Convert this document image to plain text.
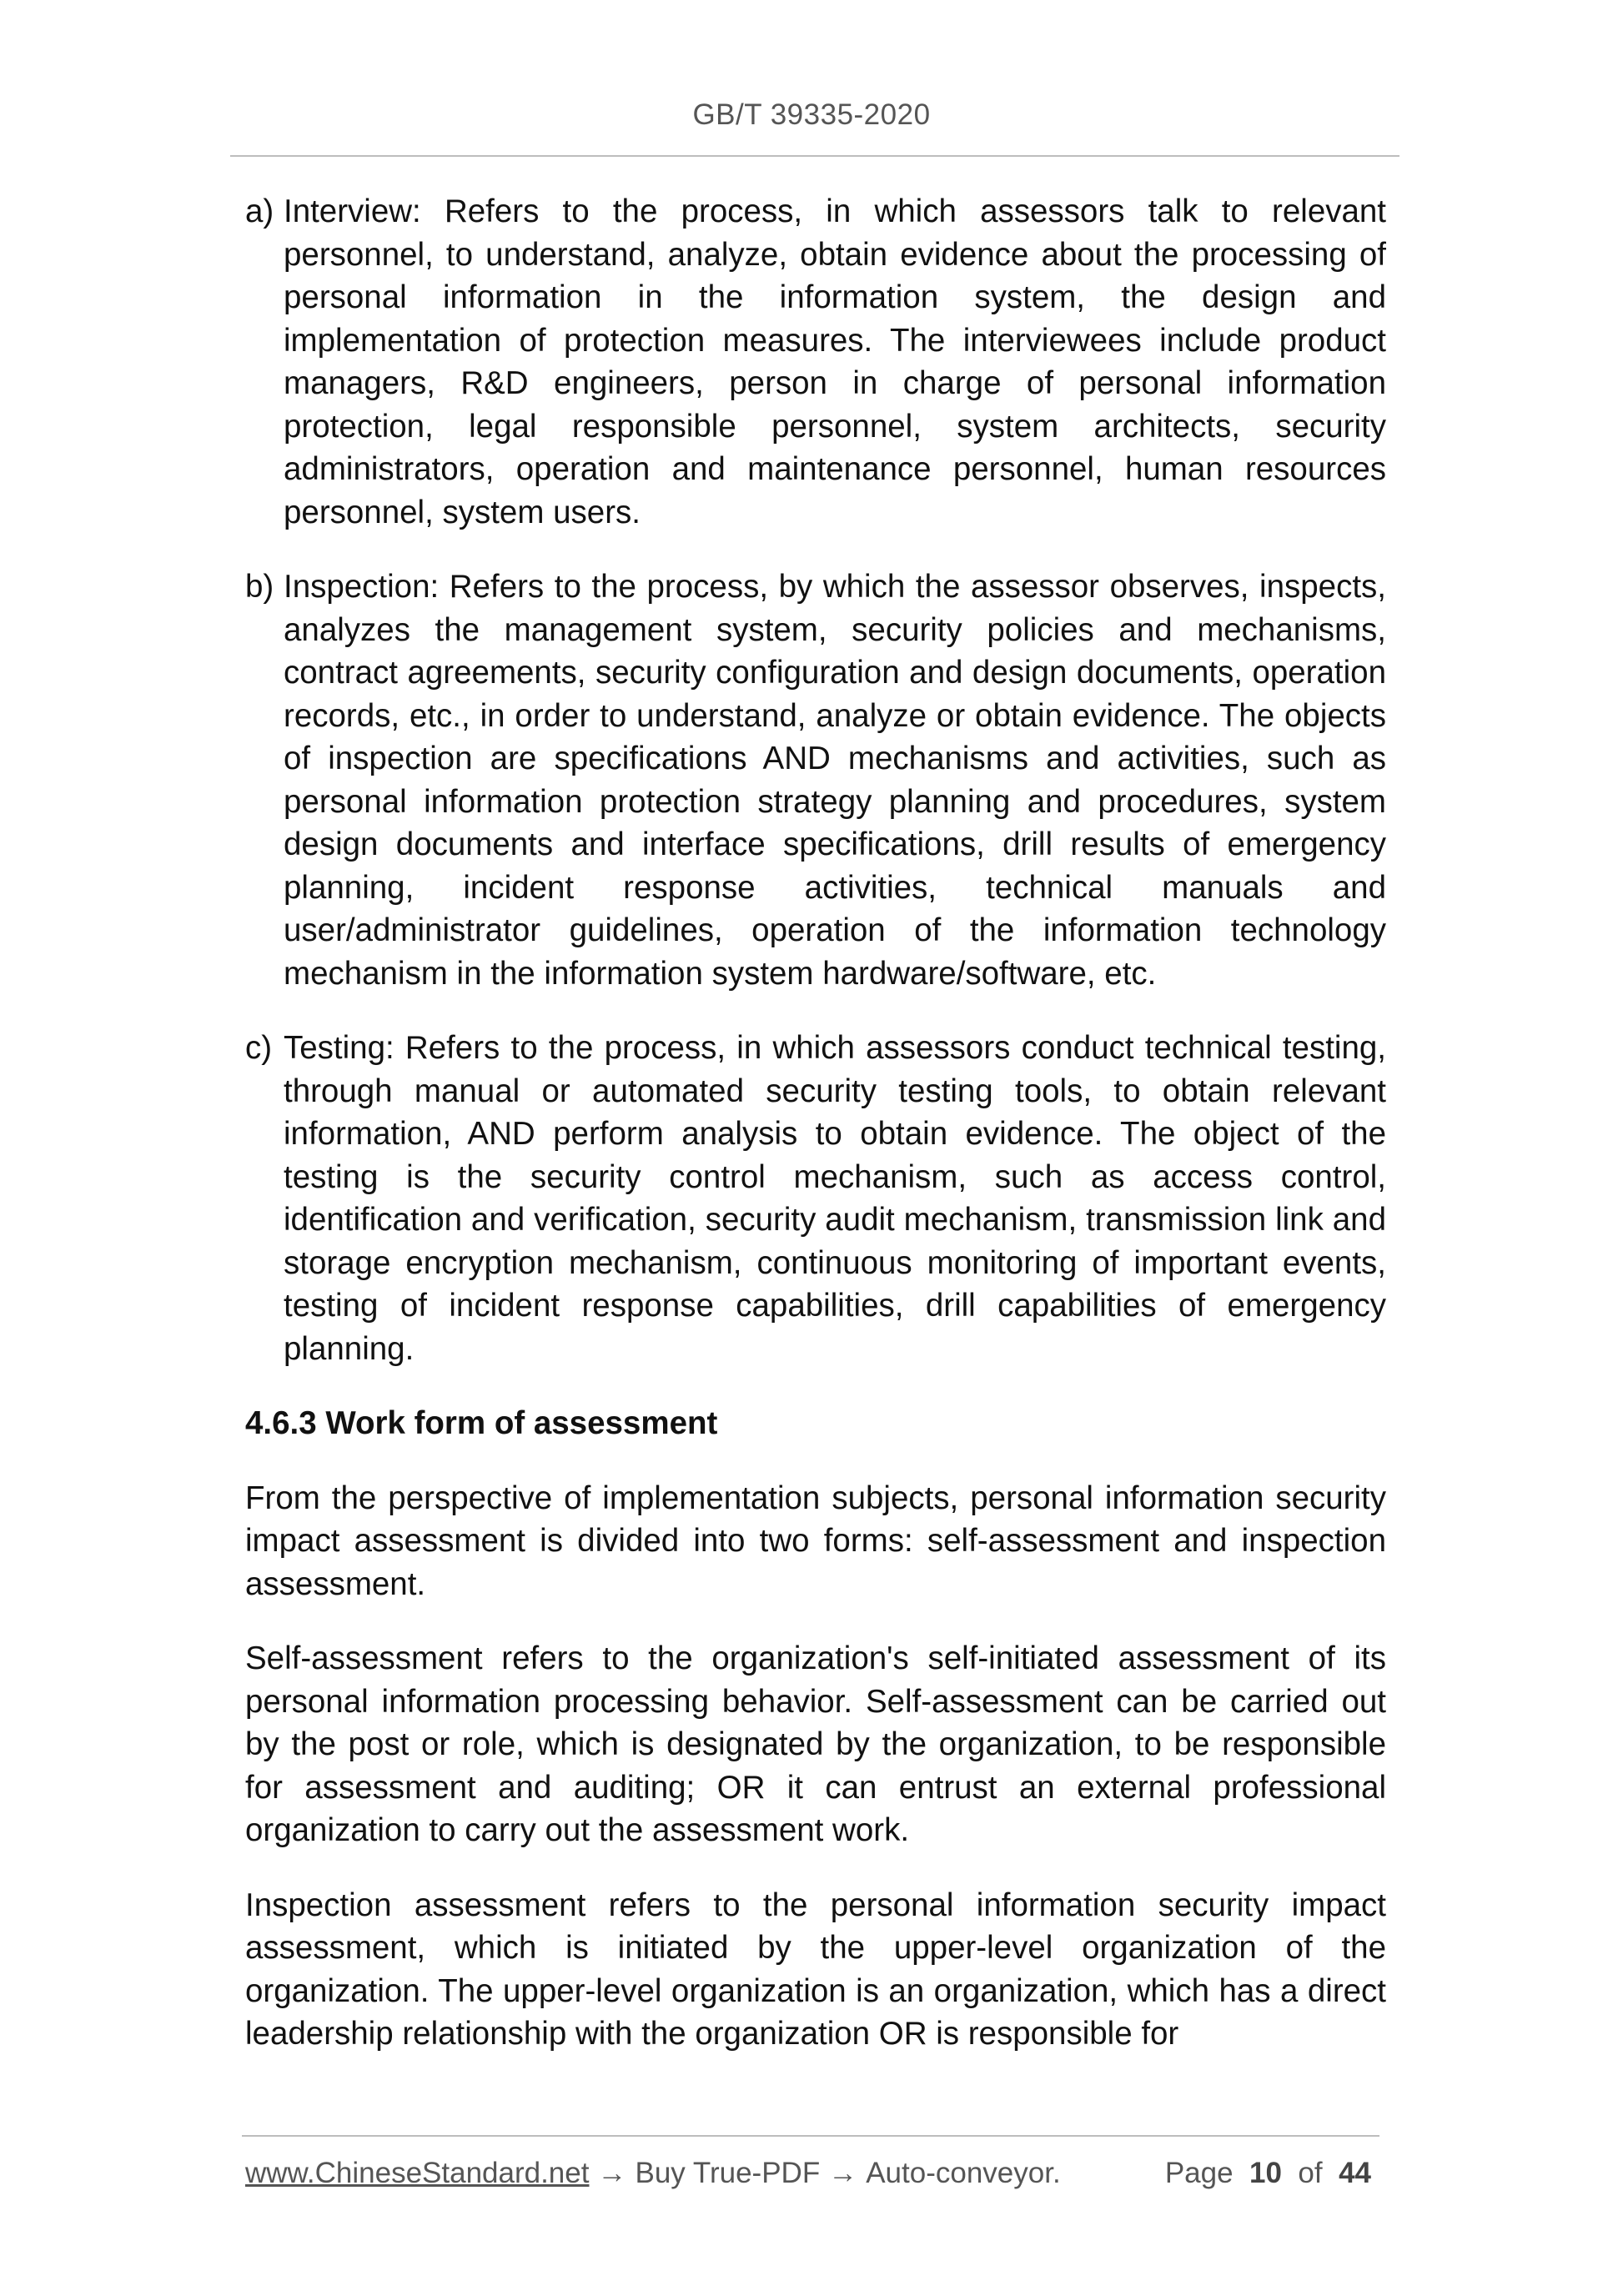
GB/T 39335-2020

a) Interview: Refers to the process, in which assessors talk to relevant personnel, to understand, analyze, obtain evidence about the processing of personal information in the information system, the design and implementation of protection measures. The interviewees include product managers, R&D engineers, person in charge of personal information protection, legal responsible personnel, system architects, security administrators, operation and maintenance personnel, human resources personnel, system users.

b) Inspection: Refers to the process, by which the assessor observes, inspects, analyzes the management system, security policies and mechanisms, contract agreements, security configuration and design documents, operation records, etc., in order to understand, analyze or obtain evidence. The objects of inspection are specifications AND mechanisms and activities, such as personal information protection strategy planning and procedures, system design documents and interface specifications, drill results of emergency planning, incident response activities, technical manuals and user/administrator guidelines, operation of the information technology mechanism in the information system hardware/software, etc.

c) Testing: Refers to the process, in which assessors conduct technical testing, through manual or automated security testing tools, to obtain relevant information, AND perform analysis to obtain evidence. The object of the testing is the security control mechanism, such as access control, identification and verification, security audit mechanism, transmission link and storage encryption mechanism, continuous monitoring of important events, testing of incident response capabilities, drill capabilities of emergency planning.

4.6.3 Work form of assessment

From the perspective of implementation subjects, personal information security impact assessment is divided into two forms: self-assessment and inspection assessment.

Self-assessment refers to the organization's self-initiated assessment of its personal information processing behavior. Self-assessment can be carried out by the post or role, which is designated by the organization, to be responsible for assessment and auditing; OR it can entrust an external professional organization to carry out the assessment work.

Inspection assessment refers to the personal information security impact assessment, which is initiated by the upper-level organization of the organization. The upper-level organization is an organization, which has a direct leadership relationship with the organization OR is responsible for

www.ChineseStandard.net → Buy True-PDF → Auto-conveyor.	Page 10 of 44
